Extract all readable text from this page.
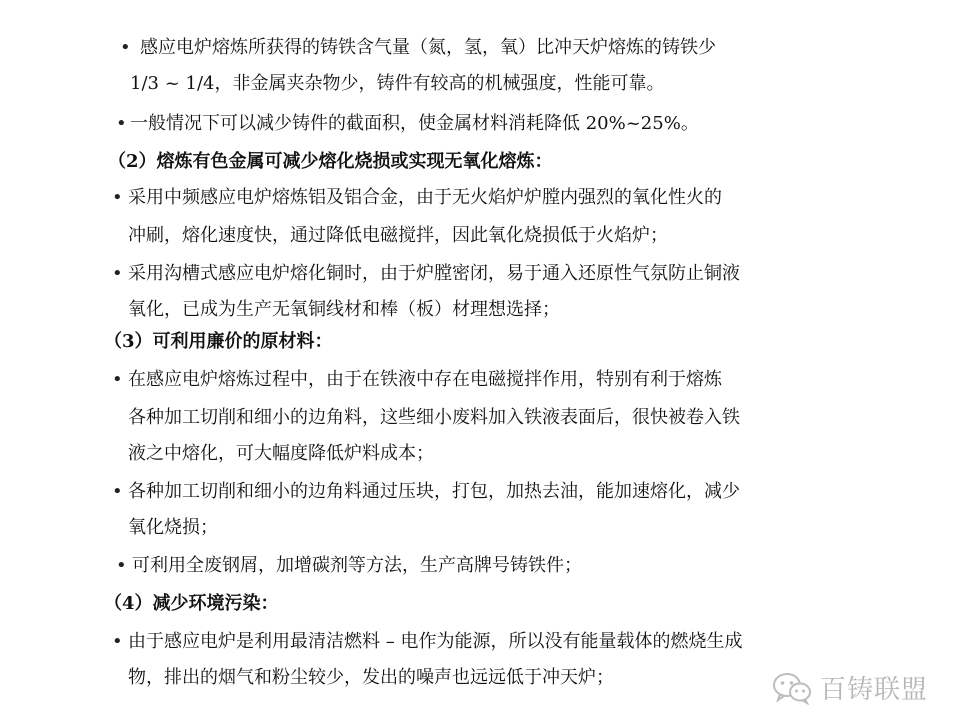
• 感应电炉熔炼所获得的铸铁含气量（氮，氢，氧）比冲天炉熔炼的铸铁少
1/3 ~ 1/4，非金属夹杂物少，铸件有较高的机械强度，性能可靠。
• 一般情况下可以减少铸件的截面积，使金属材料消耗降低 20%~25%。
（2）熔炼有色金属可减少熔化烧损或实现无氧化熔炼：
• 采用中频感应电炉熔炼铝及铝合金，由于无火焰炉炉膛内强烈的氧化性火的
冲刷，熔化速度快，通过降低电磁搅拌，因此氧化烧损低于火焰炉；
• 采用沟槽式感应电炉熔化铜时，由于炉膛密闭，易于通入还原性气氛防止铜液
氧化，已成为生产无氧铜线材和棒（板）材理想选择；
（3）可利用廉价的原材料：
• 在感应电炉熔炼过程中，由于在铁液中存在电磁搅拌作用，特别有利于熔炼
各种加工切削和细小的边角料，这些细小废料加入铁液表面后，很快被卷入铁
液之中熔化，可大幅度降低炉料成本；
• 各种加工切削和细小的边角料通过压块，打包，加热去油，能加速熔化，减少
氧化烧损；
• 可利用全废钢屑，加增碳剂等方法，生产高牌号铸铁件；
（4）减少环境污染：
• 由于感应电炉是利用最清洁燃料 – 电作为能源，所以没有能量载体的燃烧生成
物，排出的烟气和粉尘较少，发出的噪声也远远低于冲天炉；	百铸联盟
